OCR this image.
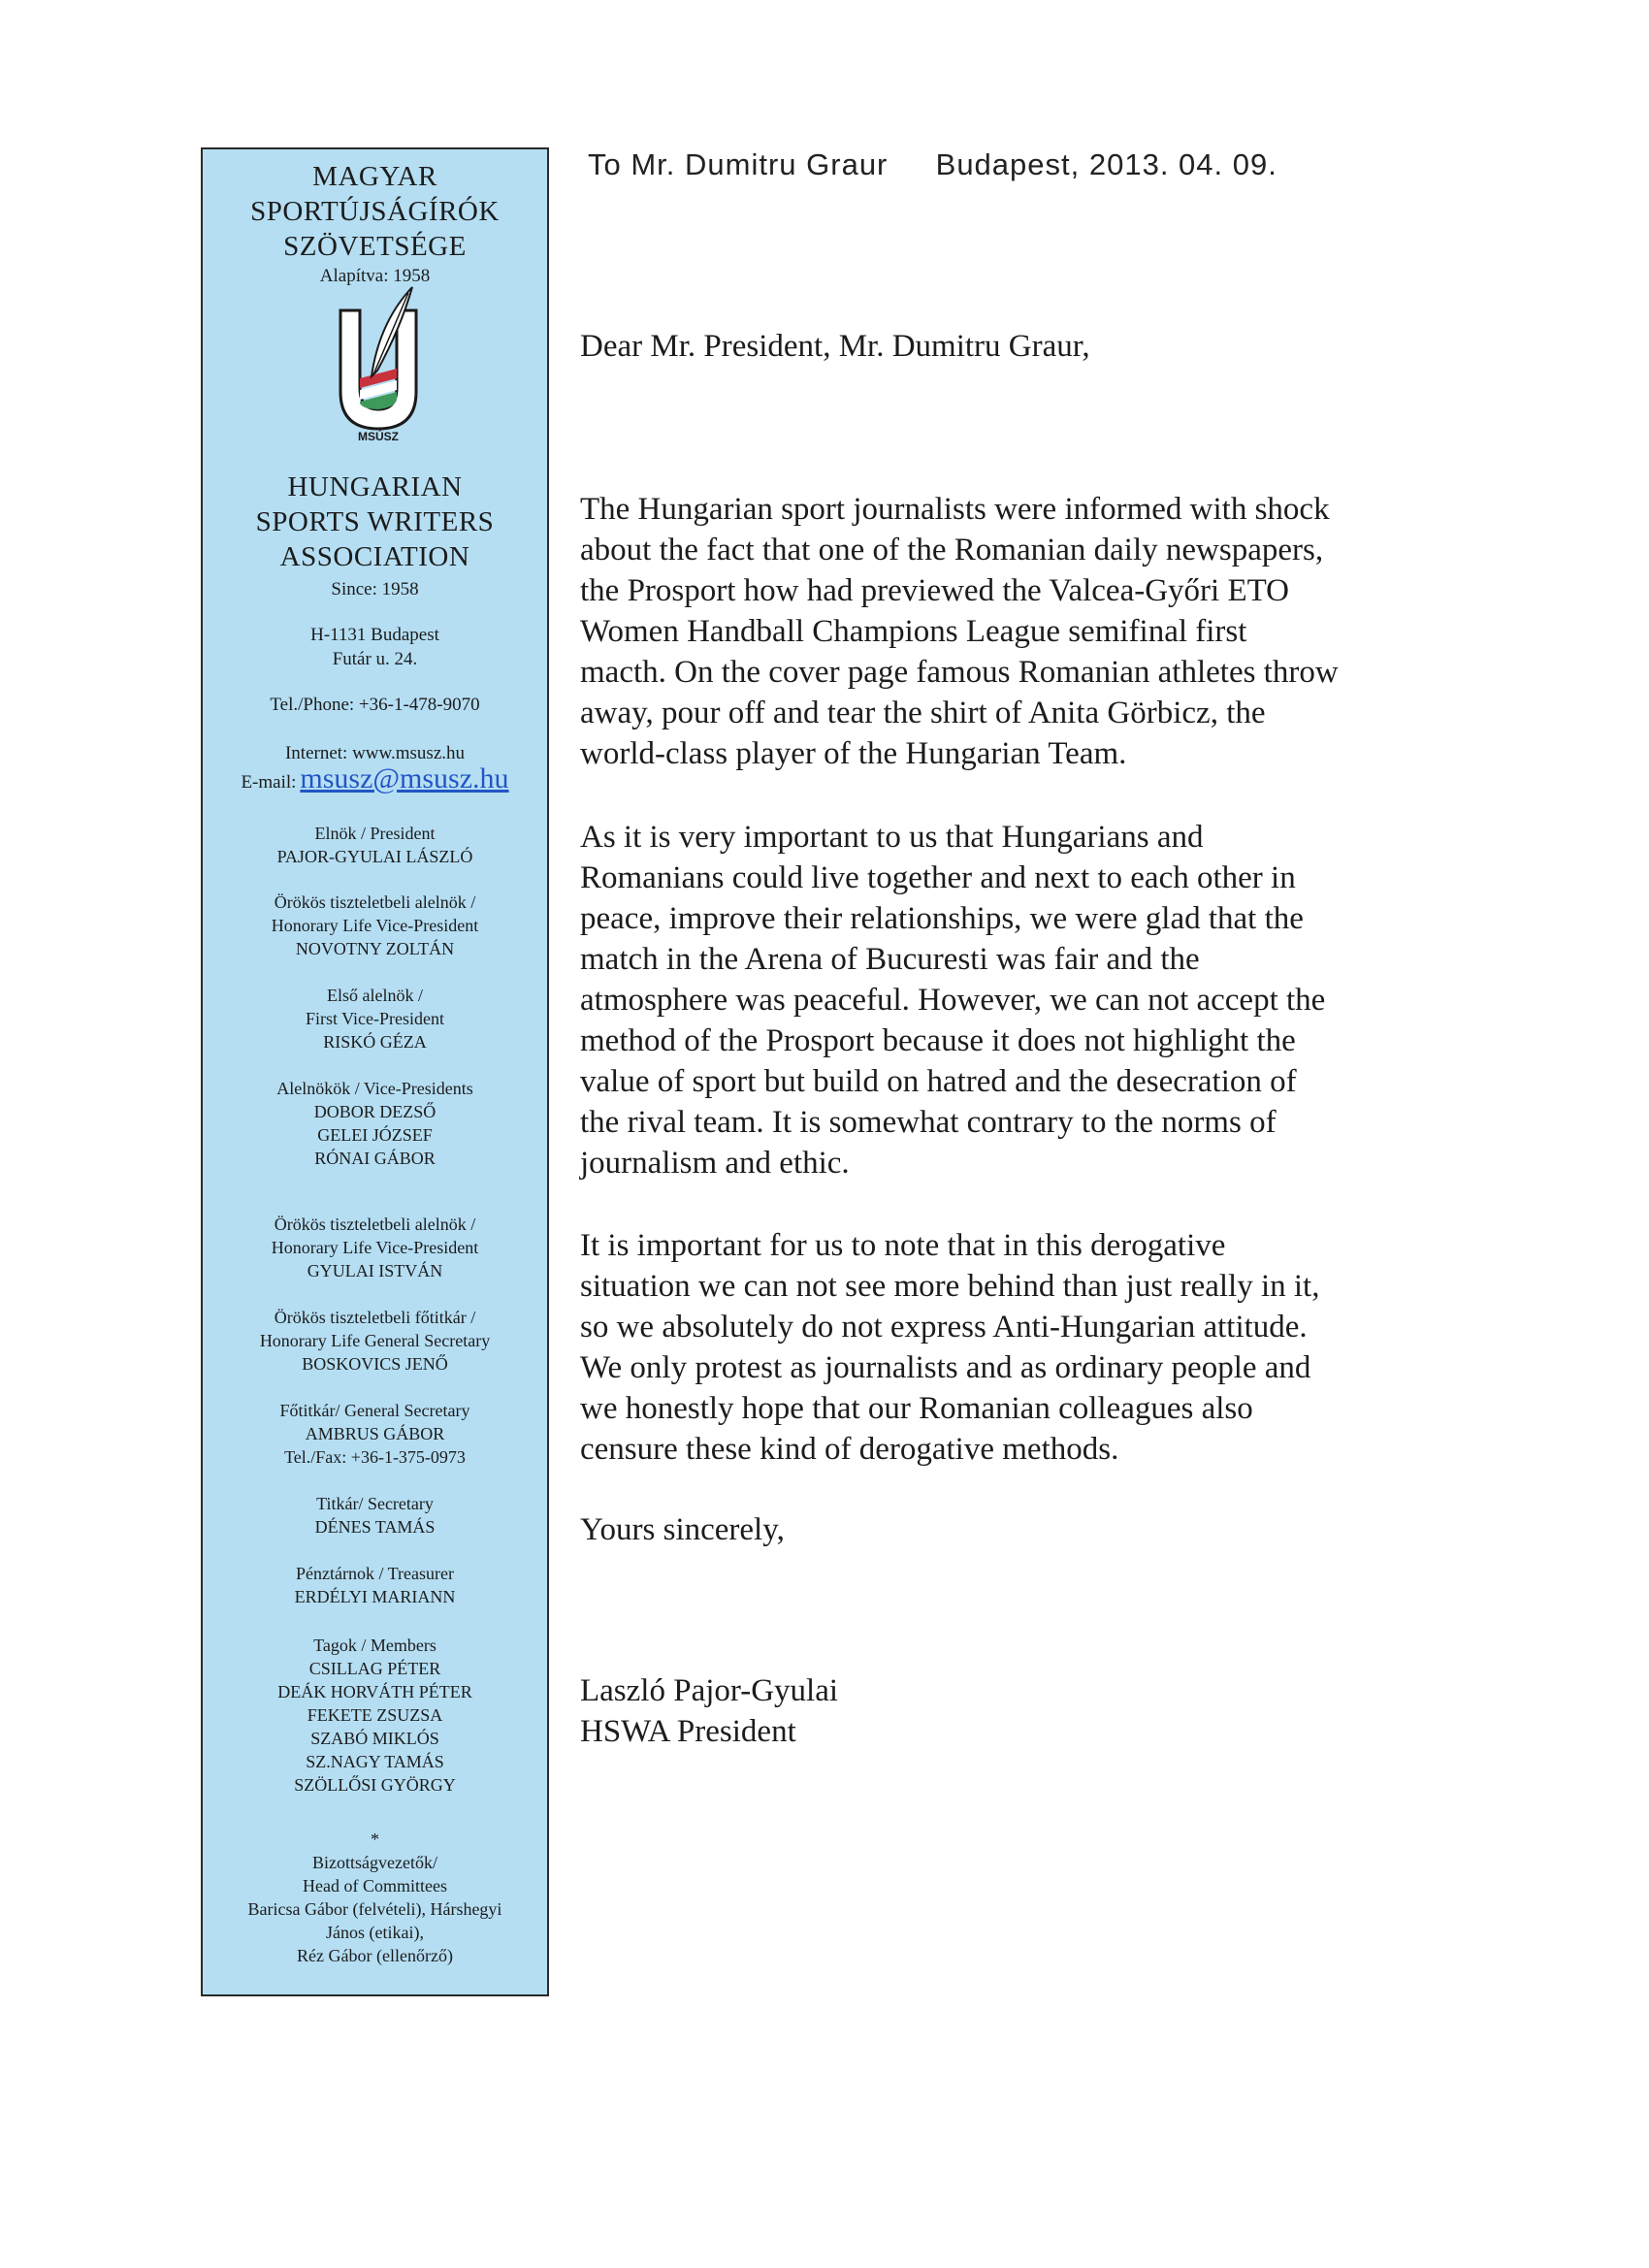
MAGYAR
SPORTÚJSÁGÍRÓK
SZÖVETSÉGE
Alapítva: 1958
MSÚSZ
HUNGARIAN
SPORTS WRITERS
ASSOCIATION
Since: 1958
H-1131 Budapest
Futár u. 24.
Tel./Phone: +36-1-478-9070
Internet: www.msusz.hu
E-mail: msusz@msusz.hu
Elnök / President
PAJOR-GYULAI LÁSZLÓ
Örökös tiszteletbeli alelnök /
Honorary Life Vice-President
NOVOTNY ZOLTÁN
Első alelnök /
First Vice-President
RISKÓ GÉZA
Alelnökök / Vice-Presidents
DOBOR DEZSŐ
GELEI JÓZSEF
RÓNAI GÁBOR
Örökös tiszteletbeli alelnök /
Honorary Life Vice-President
GYULAI ISTVÁN
Örökös tiszteletbeli főtitkár /
Honorary Life General Secretary
BOSKOVICS JENŐ
Főtitkár/ General Secretary
AMBRUS GÁBOR
Tel./Fax: +36-1-375-0973
Titkár/ Secretary
DÉNES TAMÁS
Pénztárnok / Treasurer
ERDÉLYI MARIANN
Tagok / Members
CSILLAG PÉTER
DEÁK HORVÁTH PÉTER
FEKETE ZSUZSA
SZABÓ MIKLÓS
SZ.NAGY TAMÁS
SZÖLLŐSI GYÖRGY
*
Bizottságvezetők/
Head of Committees
Baricsa Gábor (felvételi), Hárshegyi
János (etikai),
Réz Gábor (ellenőrző)
To Mr. Dumitru Graur Budapest, 2013. 04. 09.
Dear Mr. President, Mr. Dumitru Graur,

The Hungarian sport journalists were informed with shock
about the fact that one of the Romanian daily newspapers,
the Prosport how had previewed the Valcea-Győri ETO
Women Handball Champions League semifinal first
macth. On the cover page famous Romanian athletes throw
away, pour off and tear the shirt of Anita Görbicz, the
world-class player of the Hungarian Team.

As it is very important to us that Hungarians and
Romanians could live together and next to each other in
peace, improve their relationships, we were glad that the
match in the Arena of Bucuresti was fair and the
atmosphere was peaceful. However, we can not accept the
method of the Prosport because it does not highlight the
value of sport but build on hatred and the desecration of
the rival team. It is somewhat contrary to the norms of
journalism and ethic.

It is important for us to note that in this derogative
situation we can not see more behind than just really in it,
so we absolutely do not express Anti-Hungarian attitude.
We only protest as journalists and as ordinary people and
we honestly hope that our Romanian colleagues also
censure these kind of derogative methods.

Yours sincerely,
Laszló Pajor-Gyulai
HSWA President
